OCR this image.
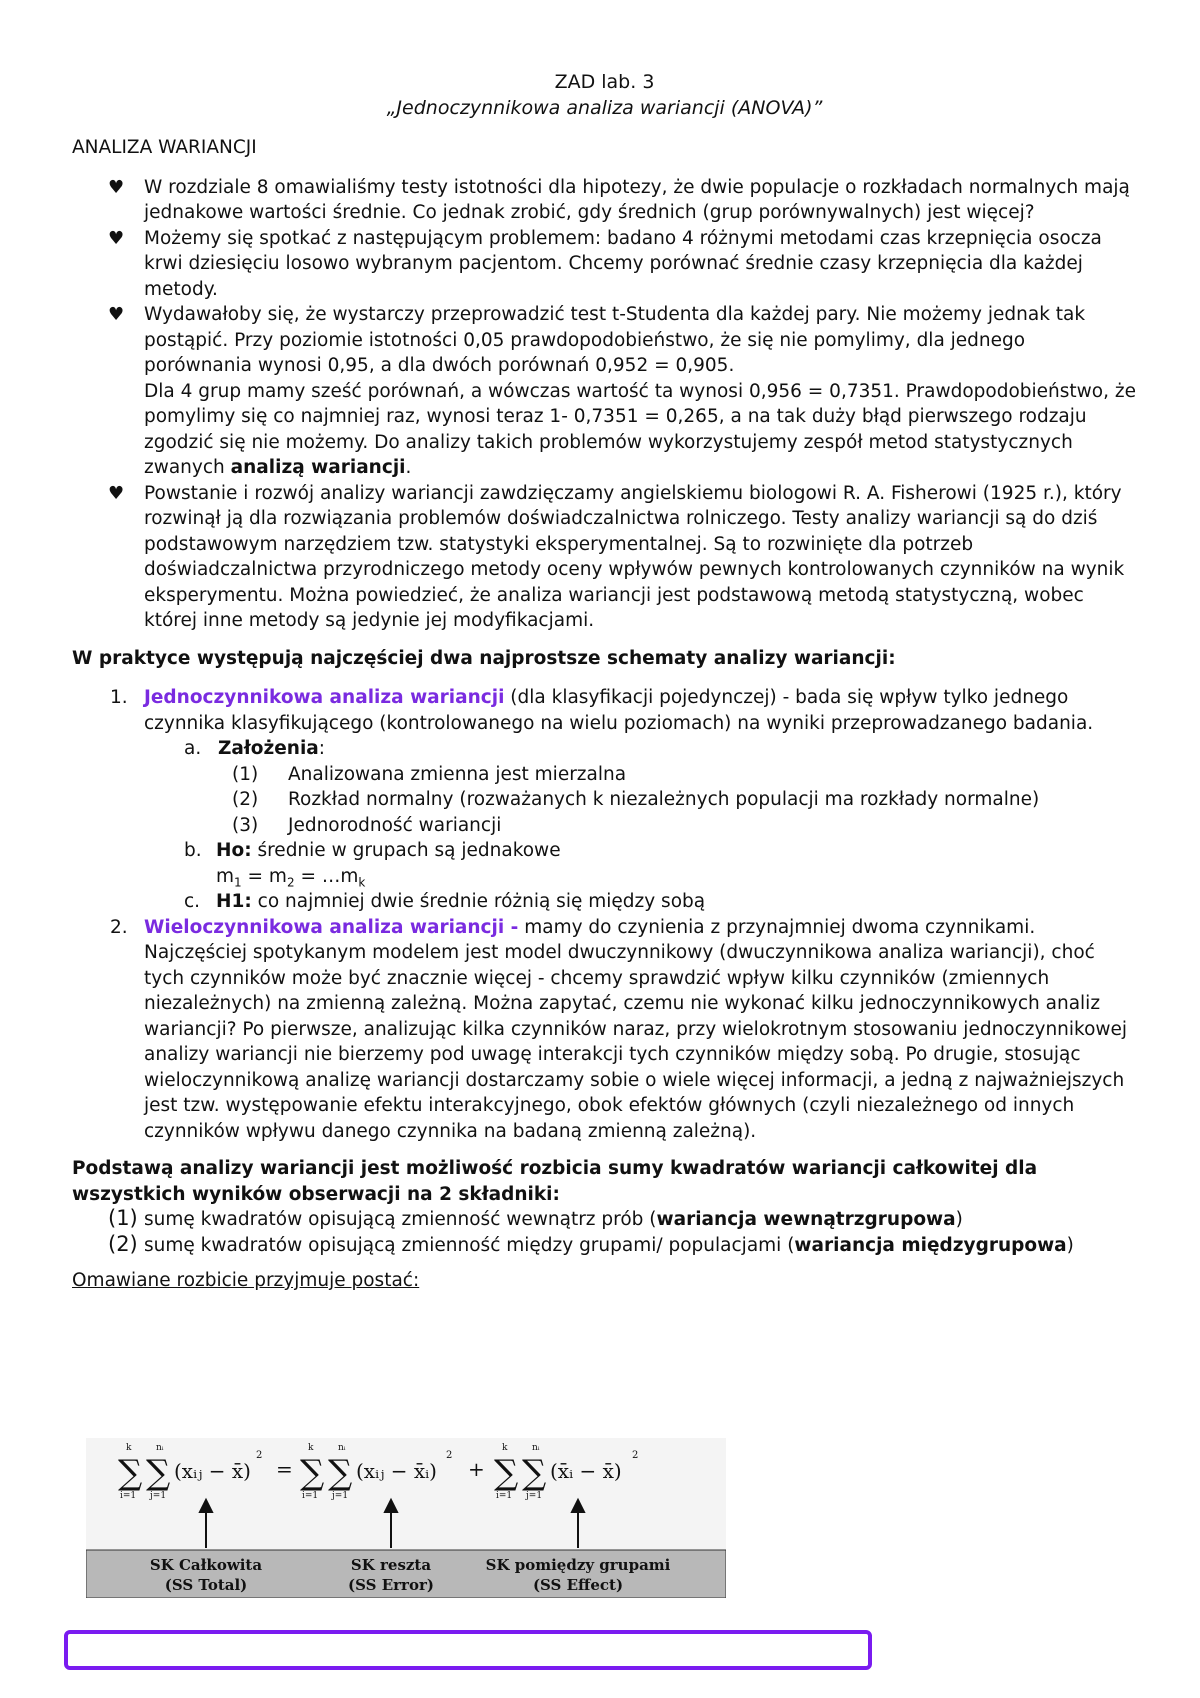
ZAD lab. 3
„Jednoczynnikowa analiza wariancji (ANOVA)”
ANALIZA WARIANCJI
♥ W rozdziale 8 omawialiśmy testy istotności dla hipotezy, że dwie populacje o rozkładach normalnych mają jednakowe wartości średnie. Co jednak zrobić, gdy średnich (grup porównywalnych) jest więcej?
♥ Możemy się spotkać z następującym problemem: badano 4 różnymi metodami czas krzepnięcia osocza krwi dziesięciu losowo wybranym pacjentom. Chcemy porównać średnie czasy krzepnięcia dla każdej metody.
♥ Wydawałoby się, że wystarczy przeprowadzić test t-Studenta dla każdej pary. Nie możemy jednak tak postąpić. Przy poziomie istotności 0,05 prawdopodobieństwo, że się nie pomylimy, dla jednego porównania wynosi 0,95, a dla dwóch porównań 0,952 = 0,905.
Dla 4 grup mamy sześć porównań, a wówczas wartość ta wynosi 0,956 = 0,7351. Prawdopodobieństwo, że pomylimy się co najmniej raz, wynosi teraz 1- 0,7351 = 0,265, a na tak duży błąd pierwszego rodzaju zgodzić się nie możemy. Do analizy takich problemów wykorzystujemy zespół metod statystycznych zwanych analizą wariancji.
♥ Powstanie i rozwój analizy wariancji zawdzięczamy angielskiemu biologowi R. A. Fisherowi (1925 r.), który rozwinął ją dla rozwiązania problemów doświadczalnictwa rolniczego. Testy analizy wariancji są do dziś podstawowym narzędziem tzw. statystyki eksperymentalnej. Są to rozwinięte dla potrzeb doświadczalnictwa przyrodniczego metody oceny wpływów pewnych kontrolowanych czynników na wynik eksperymentu. Można powiedzieć, że analiza wariancji jest podstawową metodą statystyczną, wobec której inne metody są jedynie jej modyfikacjami.
W praktyce występują najczęściej dwa najprostsze schematy analizy wariancji:
1. Jednoczynnikowa analiza wariancji (dla klasyfikacji pojedynczej) - bada się wpływ tylko jednego czynnika klasyfikującego (kontrolowanego na wielu poziomach) na wyniki przeprowadzanego badania.
a. Założenia:
(1) Analizowana zmienna jest mierzalna
(2) Rozkład normalny (rozważanych k niezależnych populacji ma rozkłady normalne)
(3) Jednorodność wariancji
b. Ho: średnie w grupach są jednakowe
$m_1 = m_2$ = $\dots m_k$
c. H1: co najmniej dwie średnie różnią się między sobą
2. Wieloczynnikowa analiza wariancji - mamy do czynienia z przynajmniej dwoma czynnikami. Najczęściej spotykanym modelem jest model dwuczynnikowy (dwuczynnikowa analiza wariancji), choć tych czynników może być znacznie więcej - chcemy sprawdzić wpływ kilku czynników (zmiennych niezależnych) na zmienną zależną. Można zapytać, czemu nie wykonać kilku jednoczynnikowych analiz wariancji? Po pierwsze, analizując kilka czynników naraz, przy wielokrotnym stosowaniu jednoczynnikowej analizy wariancji nie bierzemy pod uwagę interakcji tych czynników między sobą. Po drugie, stosując wieloczynnikową analizę wariancji dostarczamy sobie o wiele więcej informacji, a jedną z najważniejszych jest tzw. występowanie efektu interakcyjnego, obok efektów głównych (czyli niezależnego od innych czynników wpływu danego czynnika na badaną zmienną zależną).
Podstawą analizy wariancji jest możliwość rozbicia sumy kwadratów wariancji całkowitej dla wszystkich wyników obserwacji na 2 składniki:
(1) sumę kwadratów opisującą zmienność wewnątrz prób (wariancja wewnątrzgrupowa)
(2) sumę kwadratów opisującą zmienność między grupami/ populacjami (wariancja międzygrupowa)
Omawiane rozbicie przyjmuje postać:
k	nᵢ
∑ ∑
i=1 j=1
(xᵢⱼ − x̄)
2
=
k	nᵢ
∑ ∑
i=1 j=1
(xᵢⱼ − x̄ᵢ)
2
+
k	nᵢ
∑ ∑
i=1 j=1
(x̄ᵢ − x̄)
2
SK Całkowita
(SS Total)
SK reszta
(SS Error)
SK pomiędzy grupami
(SS Effect)
